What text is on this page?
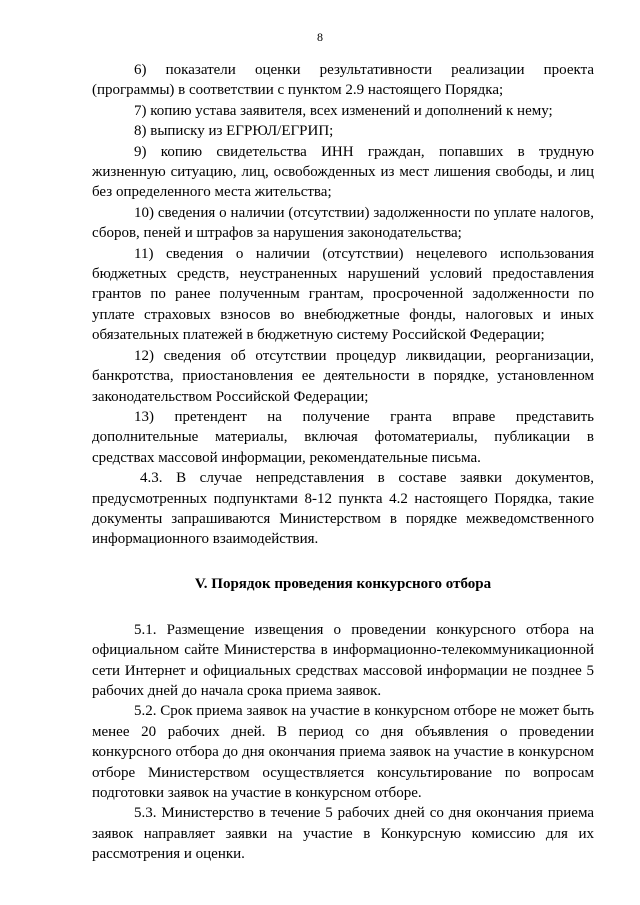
8

6) показатели оценки результативности реализации проекта (программы) в соответствии с пунктом 2.9 настоящего Порядка;

7) копию устава заявителя, всех изменений и дополнений к нему;

8) выписку из ЕГРЮЛ/ЕГРИП;

9) копию свидетельства ИНН граждан, попавших в трудную жизненную ситуацию, лиц, освобожденных из мест лишения свободы, и лиц без определенного места жительства;

10) сведения о наличии (отсутствии) задолженности по уплате налогов, сборов, пеней и штрафов за нарушения законодательства;

11) сведения о наличии (отсутствии) нецелевого использования бюджетных средств, неустраненных нарушений условий предоставления грантов по ранее полученным грантам, просроченной задолженности по уплате страховых взносов во внебюджетные фонды, налоговых и иных обязательных платежей в бюджетную систему Российской Федерации;

12) сведения об отсутствии процедур ликвидации, реорганизации, банкротства, приостановления ее деятельности в порядке, установленном законодательством Российской Федерации;

13) претендент на получение гранта вправе представить дополнительные материалы, включая фотоматериалы, публикации в средствах массовой информации, рекомендательные письма.

4.3. В случае непредставления в составе заявки документов, предусмотренных подпунктами 8-12 пункта 4.2 настоящего Порядка, такие документы запрашиваются Министерством в порядке межведомственного информационного взаимодействия.

V. Порядок проведения конкурсного отбора

5.1. Размещение извещения о проведении конкурсного отбора на официальном сайте Министерства в информационно-телекоммуникационной сети Интернет и официальных средствах массовой информации не позднее 5 рабочих дней до начала срока приема заявок.

5.2. Срок приема заявок на участие в конкурсном отборе не может быть менее 20 рабочих дней. В период со дня объявления о проведении конкурсного отбора до дня окончания приема заявок на участие в конкурсном отборе Министерством осуществляется консультирование по вопросам подготовки заявок на участие в конкурсном отборе.

5.3. Министерство в течение 5 рабочих дней со дня окончания приема заявок направляет заявки на участие в Конкурсную комиссию для их рассмотрения и оценки.
